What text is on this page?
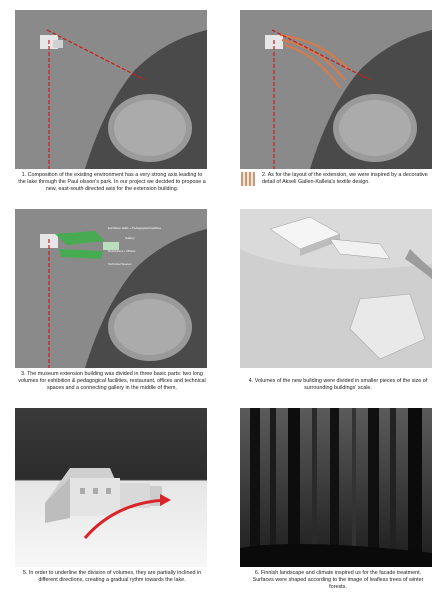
1. Composition of the existing environment has a very strong axis leading to the lake through the Paul olsson's park. In our project we decided to propose a new, east-south directed axis for the extension building.
2. As for the layout of the extension, we were inspired by a decorative detail of Akseli Gallen-Kallela's textile design.
Exhibition Halls + Pedagogical Facilities
Gallery
Restaurant + Offices
Technical Spaces
3. The museum extension building was divided in three basic parts: two long volumes for exhibition & pedagogical facilities, restaurant, offices and technical spaces and a connecting gallery in the middle of them.
4. Volumes of the new building were divided in smaller pieces of the size of surrounding buildings' scale.
5. In order to underline the division of volumes, they are partially inclined in different directions, creating a gradual rythm towards the lake.
6. Finnish landscape and climate inspired us for the facade treatment. Surfaces were shaped according to the image of leafless trees of winter forests.
